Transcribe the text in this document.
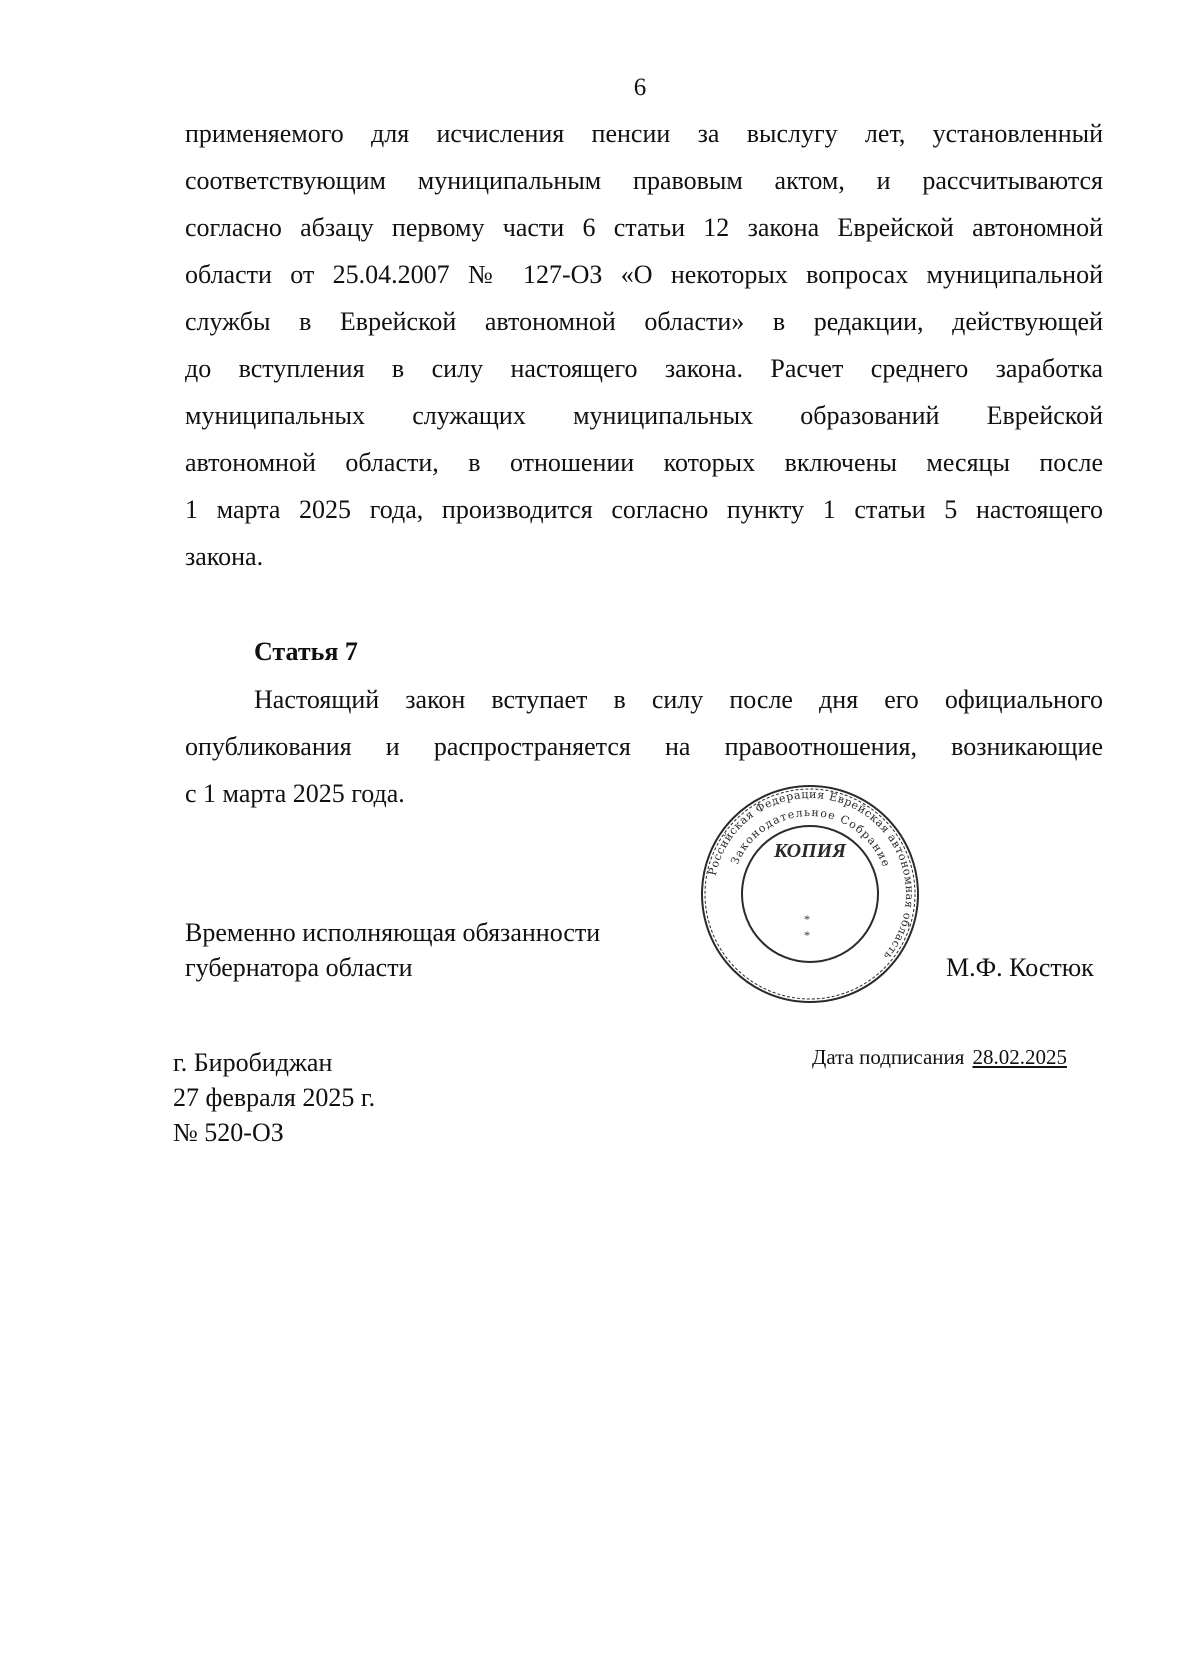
6
применяемого для исчисления пенсии за выслугу лет, установленный
соответствующим муниципальным правовым актом, и рассчитываются
согласно абзацу первому части 6 статьи 12 закона Еврейской автономной
области от 25.04.2007 № 127-ОЗ «О некоторых вопросах муниципальной
службы в Еврейской автономной области» в редакции, действующей
до вступления в силу настоящего закона. Расчет среднего заработка
муниципальных служащих муниципальных образований Еврейской
автономной области, в отношении которых включены месяцы после
1 марта 2025 года, производится согласно пункту 1 статьи 5 настоящего
закона.
Статья 7
Настоящий закон вступает в силу после дня его официального
опубликования и распространяется на правоотношения, возникающие
с 1 марта 2025 года.
Временно исполняющая обязанности
губернатора области
Российская Федерация Еврейская автономная область
Законодательное Собрание
КОПИЯ
*
*
М.Ф. Костюк
г. Биробиджан
27 февраля 2025 г.
№ 520-ОЗ
Дата подписания 28.02.2025
